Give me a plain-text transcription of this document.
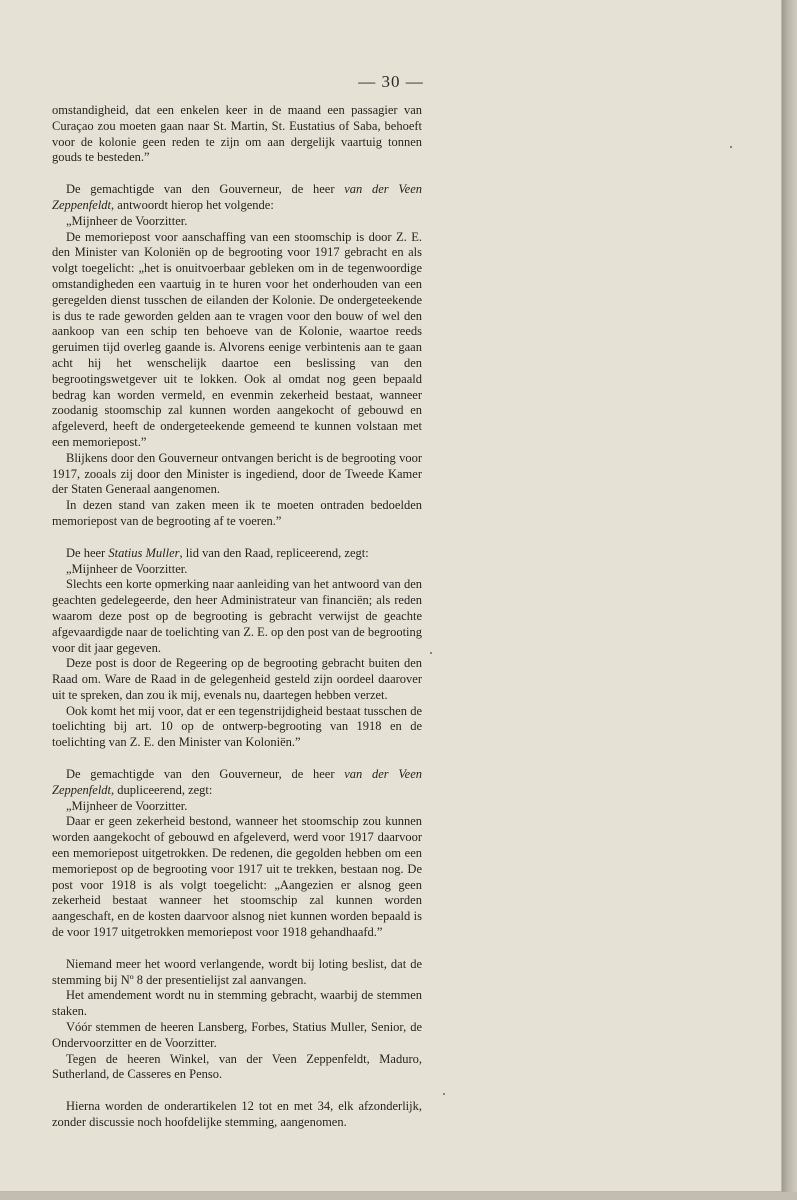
— 30 —

omstandigheid, dat een enkelen keer in de maand een passagier van Curaçao zou moeten gaan naar St. Martin, St. Eustatius of Saba, behoeft voor de kolonie geen reden te zijn om aan dergelijk vaartuig tonnen gouds te besteden.”

De gemachtigde van den Gouverneur, de heer van der Veen Zeppenfeldt, antwoordt hierop het volgende:

„Mijnheer de Voorzitter.

De memoriepost voor aanschaffing van een stoomschip is door Z. E. den Minister van Koloniën op de begrooting voor 1917 gebracht en als volgt toegelicht: „het is onuitvoerbaar gebleken om in de tegenwoordige omstandigheden een vaartuig in te huren voor het onderhouden van een geregelden dienst tusschen de eilanden der Kolonie. De ondergeteekende is dus te rade geworden gelden aan te vragen voor den bouw of wel den aankoop van een schip ten behoeve van de Kolonie, waartoe reeds geruimen tijd overleg gaande is. Alvorens eenige verbintenis aan te gaan acht hij het wenschelijk daartoe een beslissing van den begrootingswetgever uit te lokken. Ook al omdat nog geen bepaald bedrag kan worden vermeld, en evenmin zekerheid bestaat, wanneer zoodanig stoomschip zal kunnen worden aangekocht of gebouwd en afgeleverd, heeft de ondergeteekende gemeend te kunnen volstaan met een memoriepost.”

Blijkens door den Gouverneur ontvangen bericht is de begrooting voor 1917, zooals zij door den Minister is ingediend, door de Tweede Kamer der Staten Generaal aangenomen.

In dezen stand van zaken meen ik te moeten ontraden bedoelden memoriepost van de begrooting af te voeren.”

De heer Statius Muller, lid van den Raad, repliceerend, zegt:

„Mijnheer de Voorzitter.

Slechts een korte opmerking naar aanleiding van het antwoord van den geachten gedelegeerde, den heer Administrateur van financiën; als reden waarom deze post op de begrooting is gebracht verwijst de geachte afgevaardigde naar de toelichting van Z. E. op den post van de begrooting voor dit jaar gegeven.

Deze post is door de Regeering op de begrooting gebracht buiten den Raad om. Ware de Raad in de gelegenheid gesteld zijn oordeel daarover uit te spreken, dan zou ik mij, evenals nu, daartegen hebben verzet.

Ook komt het mij voor, dat er een tegenstrijdigheid bestaat tusschen de toelichting bij art. 10 op de ontwerp-begrooting van 1918 en de toelichting van Z. E. den Minister van Koloniën.”

De gemachtigde van den Gouverneur, de heer van der Veen Zeppenfeldt, dupliceerend, zegt:

„Mijnheer de Voorzitter.

Daar er geen zekerheid bestond, wanneer het stoomschip zou kunnen worden aangekocht of gebouwd en afgeleverd, werd voor 1917 daarvoor een memoriepost uitgetrokken. De redenen, die gegolden hebben om een memoriepost op de begrooting voor 1917 uit te trekken, bestaan nog. De post voor 1918 is als volgt toegelicht: „Aangezien er alsnog geen zekerheid bestaat wanneer het stoomschip zal kunnen worden aangeschaft, en de kosten daarvoor alsnog niet kunnen worden bepaald is de voor 1917 uitgetrokken memoriepost voor 1918 gehandhaafd.”

Niemand meer het woord verlangende, wordt bij loting beslist, dat de stemming bij Nº 8 der presentielijst zal aanvangen.

Het amendement wordt nu in stemming gebracht, waarbij de stemmen staken.

Vóór stemmen de heeren Lansberg, Forbes, Statius Muller, Senior, de Ondervoorzitter en de Voorzitter.

Tegen de heeren Winkel, van der Veen Zeppenfeldt, Maduro, Sutherland, de Casseres en Penso.

Hierna worden de onderartikelen 12 tot en met 34, elk afzonderlijk, zonder discussie noch hoofdelijke stemming, aangenomen.
